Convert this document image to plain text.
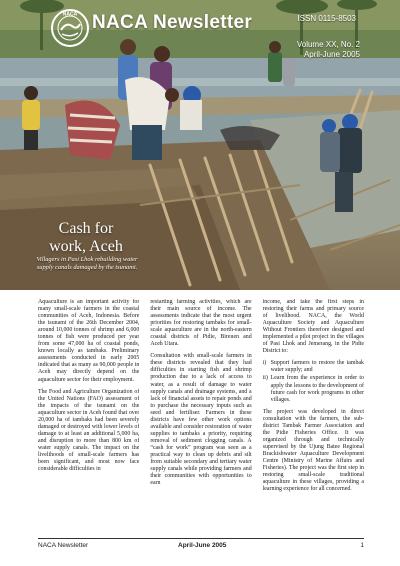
NACA NACA Newsletter	ISSN 0115-8503
Volume XX, No. 2
April-June 2005
Cash for
work, Aceh
Villagers in Pasi Lhok rebuilding water supply canals damaged by the tsunami.

Aquaculture is an important activity for many small-scale farmers in the coastal communities of Aceh, Indonesia. Before the tsunami of the 26th December 2004, around 10,000 tonnes of shrimp and 6,000 tonnes of fish were produced per year from some 47,000 ha of coastal ponds, known locally as tambaks. Preliminary assessments conducted in early 2005 indicated that as many as 90,000 people in Aceh may directly depend on the aquaculture sector for their employment.

The Food and Agriculture Organization of the United Nations (FAO) assessment of the impacts of the tsunami on the aquaculture sector in Aceh found that over 20,000 ha of tambaks had been severely damaged or destroyed with lower levels of damage to at least an additional 5,000 ha, and disruption to more than 800 km of water supply canals. The impact on the livelihoods of small-scale farmers has been significant, and most now face considerable difficulties in

restarting farming activities, which are their main source of income. The assessments indicate that the most urgent priorities for restoring tambaks for small-scale aquaculture are in the north-eastern coastal districts of Pidie, Bireuen and Aceh Utara.

Consultation with small-scale farmers in these districts revealed that they had difficulties in starting fish and shrimp production due to a lack of access to water, as a result of damage to water supply canals and drainage systems, and a lack of financial assets to repair ponds and to purchase the necessary inputs such as seed and fertiliser. Farmers in these districts have few other work options available and consider restoration of water supplies to tambaks a priority, requiring removal of sediment clogging canals. A “cash for work” program was seen as a practical way to clean up debris and silt from suitable secondary and tertiary water supply canals while providing farmers and their communities with opportunities to earn

income, and take the first steps in restoring their farms and primary source of livelihood. NACA, the World Aquaculture Society and Aquaculture Without Frontiers therefore designed and implemented a pilot project in the villages of Pasi Lhok and Jemerang, in the Pidie District to:

i) Support farmers to restore the tambak water supply; and
ii) Learn from the experience in order to apply the lessons to the development of future cash for work programs in other villages.

The project was developed in direct consultation with the farmers, the sub-district Tambak Farmer Association and the Pidie Fisheries Office. It was organized through and technically supervised by the Ujung Batee Regional Brackishwater Aquaculture Development Centre (Ministry of Marine Affairs and Fisheries). The project was the first step in restoring small-scale traditional aquaculture in these villages, providing a learning experience for all concerned.

NACA Newsletter	April-June 2005	1
